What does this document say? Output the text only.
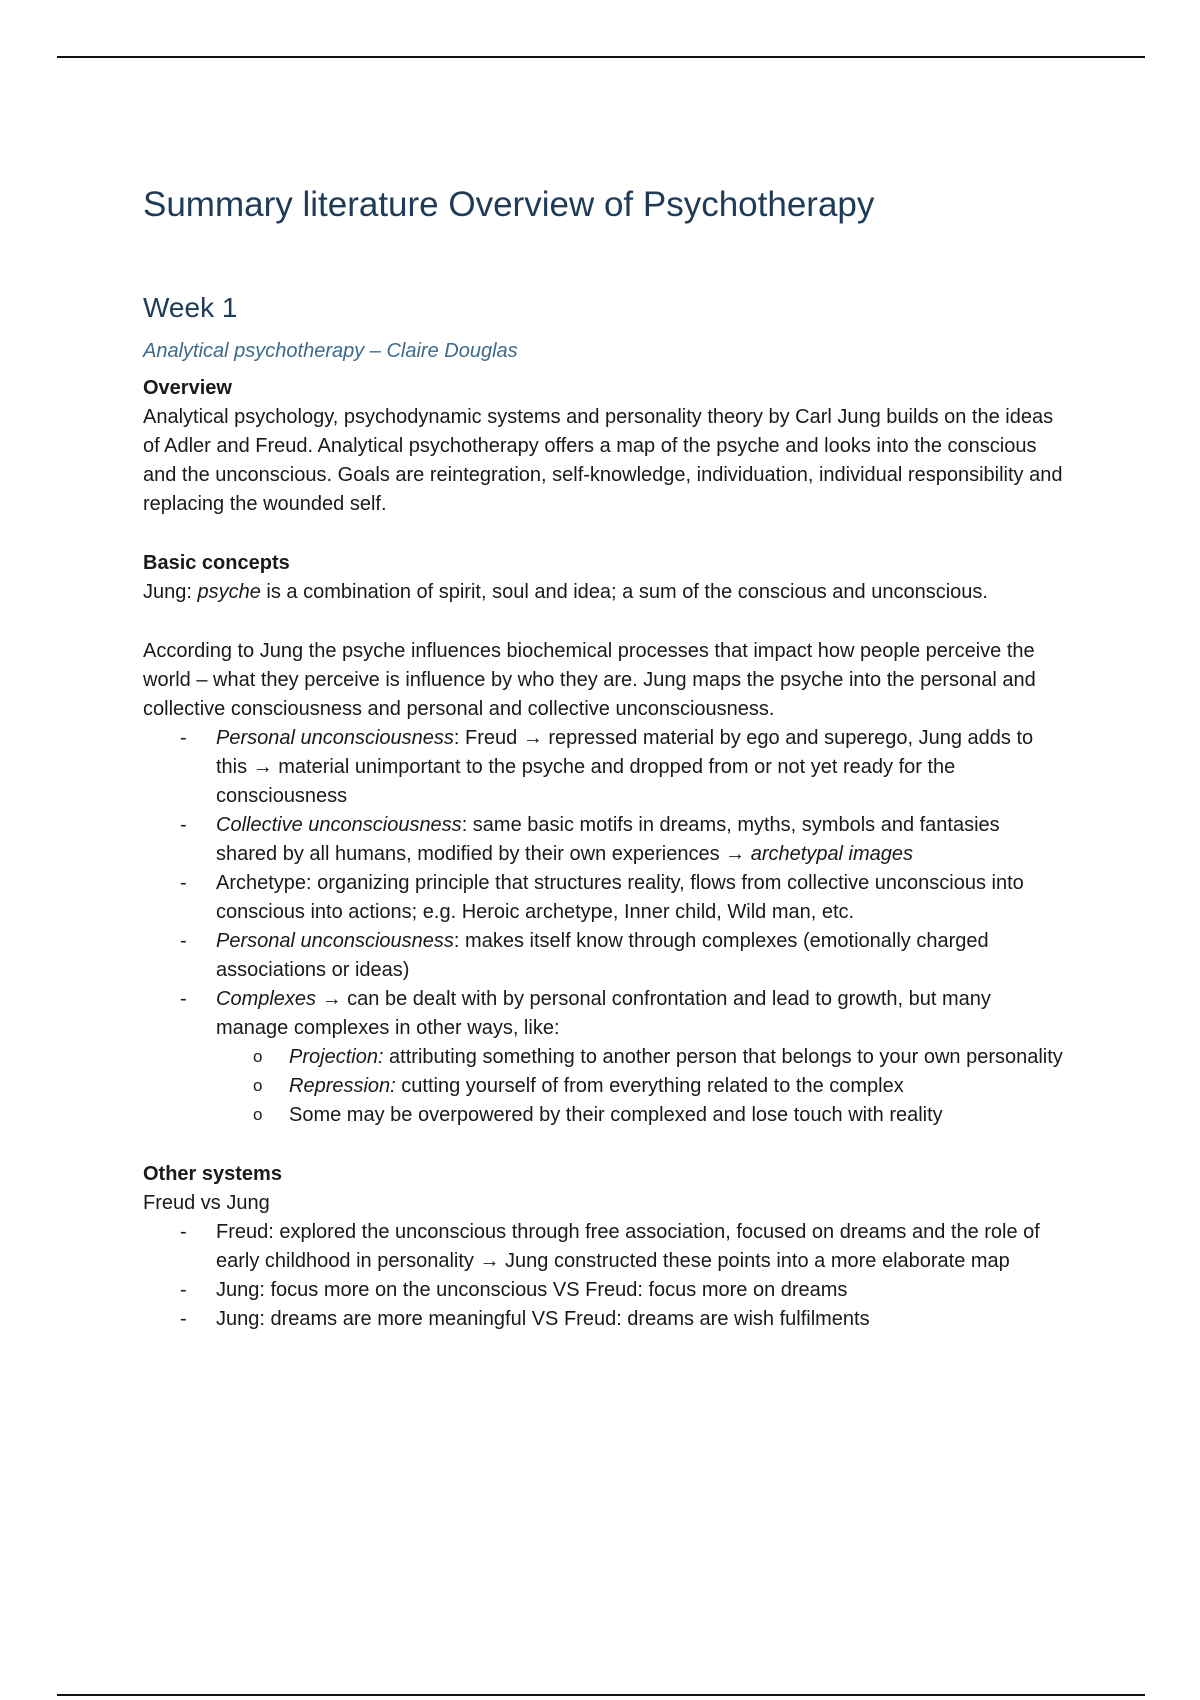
Summary literature Overview of Psychotherapy
Week 1
Analytical psychotherapy – Claire Douglas
Overview

Analytical psychology, psychodynamic systems and personality theory by Carl Jung builds on the ideas of Adler and Freud. Analytical psychotherapy offers a map of the psyche and looks into the conscious and the unconscious. Goals are reintegration, self-knowledge, individuation, individual responsibility and replacing the wounded self.

Basic concepts

Jung: psyche is a combination of spirit, soul and idea; a sum of the conscious and unconscious.

According to Jung the psyche influences biochemical processes that impact how people perceive the world – what they perceive is influence by who they are. Jung maps the psyche into the personal and collective consciousness and personal and collective unconsciousness.

- Personal unconsciousness: Freud → repressed material by ego and superego, Jung adds to this → material unimportant to the psyche and dropped from or not yet ready for the consciousness
- Collective unconsciousness: same basic motifs in dreams, myths, symbols and fantasies shared by all humans, modified by their own experiences → archetypal images
- Archetype: organizing principle that structures reality, flows from collective unconscious into conscious into actions; e.g. Heroic archetype, Inner child, Wild man, etc.
- Personal unconsciousness: makes itself know through complexes (emotionally charged associations or ideas)
- Complexes → can be dealt with by personal confrontation and lead to growth, but many manage complexes in other ways, like:
o Projection: attributing something to another person that belongs to your own personality
o Repression: cutting yourself of from everything related to the complex
o Some may be overpowered by their complexed and lose touch with reality
Other systems

Freud vs Jung

- Freud: explored the unconscious through free association, focused on dreams and the role of early childhood in personality → Jung constructed these points into a more elaborate map
- Jung: focus more on the unconscious VS Freud: focus more on dreams
- Jung: dreams are more meaningful VS Freud: dreams are wish fulfilments
